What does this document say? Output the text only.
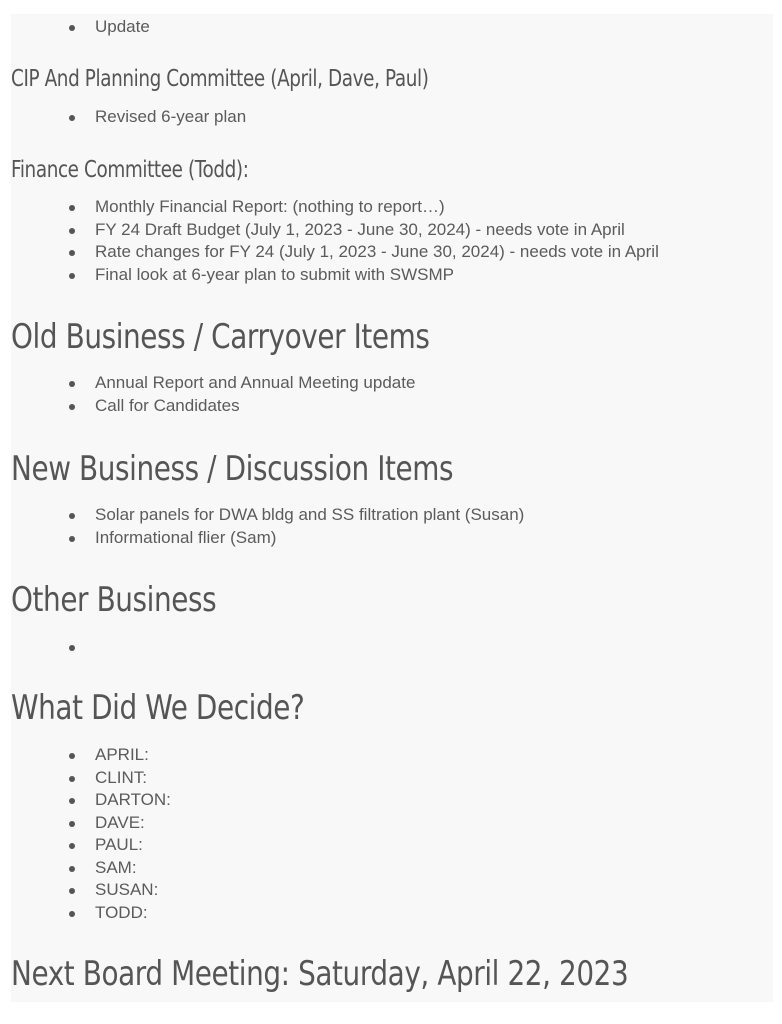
Update
CIP And Planning Committee (April, Dave, Paul)
Revised 6-year plan
Finance Committee (Todd):
Monthly Financial Report: (nothing to report…)
FY 24 Draft Budget (July 1, 2023 - June 30, 2024) - needs vote in April
Rate changes for FY 24 (July 1, 2023 - June 30, 2024) - needs vote in April
Final look at 6-year plan to submit with SWSMP
Old Business / Carryover Items
Annual Report and Annual Meeting update
Call for Candidates
New Business / Discussion Items
Solar panels for DWA bldg and SS filtration plant (Susan)
Informational flier (Sam)
Other Business
What Did We Decide?
APRIL:
CLINT:
DARTON:
DAVE:
PAUL:
SAM:
SUSAN:
TODD:
Next Board Meeting: Saturday, April 22, 2023
